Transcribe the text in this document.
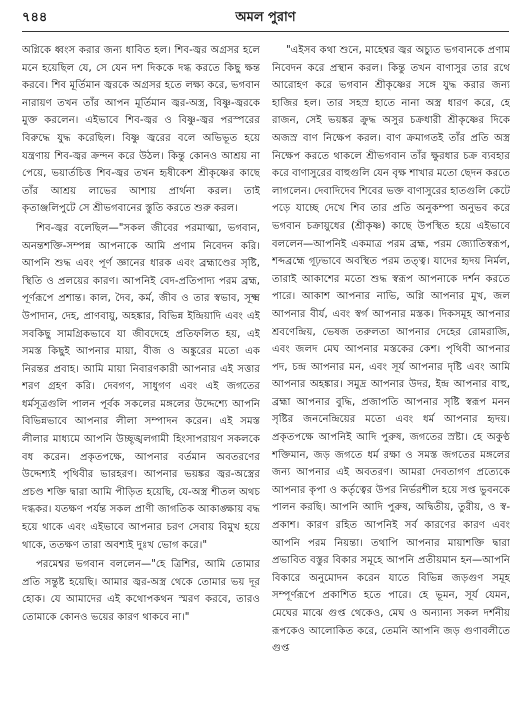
৭৪৪	অমল পুরাণ

অগ্নিকে ধ্বংস করার জন্য ধাবিত হল। শিব-জ্বর অগ্রসর হলে মনে হয়েছিল যে, সে যেন দশ দিককে দগ্ধ করতে কিছু ক্ষন্ত করবে। শিব মূর্তিমান জ্বরকে অগ্রসর হতে লক্ষ্য করে, ভগবান নারায়ণ তখন তাঁর আপন মূর্তিমান জ্বর-অস্ত্র, বিষ্ণু-জ্বরকে মুক্ত করলেন। এইভাবে শিব-জ্বর ও বিষ্ণু-জ্বর পরস্পরের বিরুদ্ধে যুদ্ধ করেছিল। বিষ্ণু জ্বরের বলে অভিভূত হয়ে যন্ত্রণায় শিব-জ্বর ক্রন্দন করে উঠল। কিন্তু কোনও আশ্রয় না পেয়ে, ভয়ার্তচিত্ত শিব-জ্বর তখন হৃষীকেশ শ্রীকৃষ্ণের কাছে তাঁর আশ্রয় লাভের আশায় প্রার্থনা করল। তাই কৃতাঞ্জলিপুটে সে শ্রীভগবানের স্তুতি করতে শুরু করল।

শিব-জ্বর বলেছিল—"সকল জীবের পরমাত্মা, ভগবান, অনন্তশক্তি-সম্পন্ন আপনাকে আমি প্রণাম নিবেদন করি। আপনি শুদ্ধ এবং পূর্ণ জ্ঞানের ধারক এবং ব্রহ্মাণ্ডের সৃষ্টি, স্থিতি ও প্রলয়ের কারণ। আপনিই বেদ-প্রতিপাদ্য পরম ব্রহ্ম, পূর্ণরূপে প্রশান্ত। কাল, দৈব, কর্ম, জীব ও তার স্বভাব, সূক্ষ্ম উপাদান, দেহ, প্রাণবায়ু, অহঙ্কার, বিভিন্ন ইন্দ্রিয়াদি এবং এই সবকিছু সামগ্রিকভাবে যা জীবদেহে প্রতিফলিত হয়, এই সমস্ত কিছুই আপনার মায়া, বীজ ও অঙ্কুরের মতো এক নিরন্তর প্রবাহ। আমি মায়া নিবারণকারী আপনার এই সত্তার শরণ গ্রহণ করি। দেবগণ, সাধুগণ এবং এই জগতের ধর্মসূত্রগুলি পালন পূর্বক সকলের মঙ্গলের উদ্দেশ্যে আপনি বিভিন্নভাবে আপনার লীলা সম্পাদন করেন। এই সমস্ত লীলার মাধ্যমে আপনি উচ্ছৃঙ্খলগামী হিংসাপরায়ণ সকলকে বধ করেন। প্রকৃতপক্ষে, আপনার বর্তমান অবতরণের উদ্দেশ্যই পৃথিবীর ভারহরণ। আপনার ভয়ঙ্কর জ্বর-অস্ত্রের প্রচণ্ড শক্তি দ্বারা আমি পীড়িত হয়েছি, যে-অস্ত্র শীতল অথচ দগ্ধকর। যতক্ষণ পর্যন্ত সকল প্রাণী জাগতিক আকাঙ্ক্ষায় বদ্ধ হয়ে থাকে এবং এইভাবে আপনার চরণ সেবায় বিমুখ হয়ে থাকে, ততক্ষণ তারা অবশ্যই দুঃখ ভোগ করে।"

পরমেশ্বর ভগবান বললেন—"হে ত্রিশির, আমি তোমার প্রতি সন্তুষ্ট হয়েছি। আমার জ্বর-অস্ত্র থেকে তোমার ভয় দূর হোক। যে আমাদের এই কথোপকথন স্মরণ করবে, তারও তোমাকে কোনও ভয়ের কারণ থাকবে না।"

"এইসব কথা শুনে, মাহেশ্বর জ্বর অচ্যুত ভগবানকে প্রণাম নিবেদন করে প্রস্থান করল। কিন্তু তখন বাণাসুর তার রথে আরোহণ করে ভগবান শ্রীকৃষ্ণের সঙ্গে যুদ্ধ করার জন্য হাজির হল। তার সহস্র হাতে নানা অস্ত্র ধারণ করে, হে রাজন, সেই ভয়ঙ্কর ক্রুদ্ধ অসুর চক্রধারী শ্রীকৃষ্ণের দিকে অজস্র বাণ নিক্ষেপ করল। বাণ ক্রমাগতই তাঁর প্রতি অস্ত্র নিক্ষেপ করতে থাকলে শ্রীভগবান তাঁর ক্ষুরধার চক্র ব্যবহার করে বাণাসুরের বাহুগুলি যেন বৃক্ষ শাখার মতো ছেদন করতে লাগলেন। দেবাদিদেব শিবের ভক্ত বাণাসুরের হাতগুলি কেটে পড়ে যাচ্ছে দেখে শিব তার প্রতি অনুকম্পা অনুভব করে ভগবান চক্রায়ুধের (শ্রীকৃষ্ণ) কাছে উপস্থিত হয়ে এইভাবে বললেন—আপনিই একমাত্র পরম ব্রহ্ম, পরম জ্যোতিস্বরূপ, শব্দব্রহ্মে গূঢ়ভাবে অবস্থিত পরম তত্ত্ব। যাদের হৃদয় নির্মল, তারাই আকাশের মতো শুদ্ধ স্বরূপ আপনাকে দর্শন করতে পারে। আকাশ আপনার নাভি, অগ্নি আপনার মুখ, জল আপনার বীর্য, এবং স্বর্গ আপনার মস্তক। দিকসমূহ আপনার শ্রবণেন্দ্রিয়, ভেষজ তরুলতা আপনার দেহের রোমরাজি, এবং জলদ মেঘ আপনার মস্তকের কেশ। পৃথিবী আপনার পদ, চন্দ্র আপনার মন, এবং সূর্য আপনার দৃষ্টি এবং আমি আপনার অহঙ্কার। সমুদ্র আপনার উদর, ইন্দ্র আপনার বাহু, ব্রহ্মা আপনার বুদ্ধি, প্রজাপতি আপনার সৃষ্টি স্বরূপ মনন সৃষ্টির জননেন্দ্রিয়ের মতো এবং ধর্ম আপনার হৃদয়। প্রকৃতপক্ষে আপনিই আদি পুরুষ, জগতের স্রষ্টা। হে অকুণ্ঠ শক্তিমান, জড় জগতে ধর্ম রক্ষা ও সমস্ত জগতের মঙ্গলের জন্য আপনার এই অবতরণ। আমরা দেবতাগণ প্রত্যেকে আপনার কৃপা ও কর্তৃত্বের উপর নির্ভরশীল হয়ে সপ্ত ভুবনকে পালন করছি। আপনি আদি পুরুষ, অদ্বিতীয়, তুরীয়, ও স্ব-প্রকাশ। কারণ রহিত আপনিই সর্ব কারণের কারণ এবং আপনি পরম নিয়ন্তা। তথাপি আপনার মায়াশক্তি দ্বারা প্রভাবিত বস্তুর বিকার সমূহে আপনি প্রতীয়মান হন—আপনি বিকারে অনুমোদন করেন যাতে বিভিন্ন জড়গুণ সমূহ সম্পূর্ণরূপে প্রকাশিত হতে পারে। হে ভূমন, সূর্য যেমন, মেঘের মাঝে গুপ্ত থেকেও, মেঘ ও অন্যান্য সকল দর্শনীয় রূপকেও আলোকিত করে, তেমনি আপনি জড় গুণাবলীতে গুপ্ত
